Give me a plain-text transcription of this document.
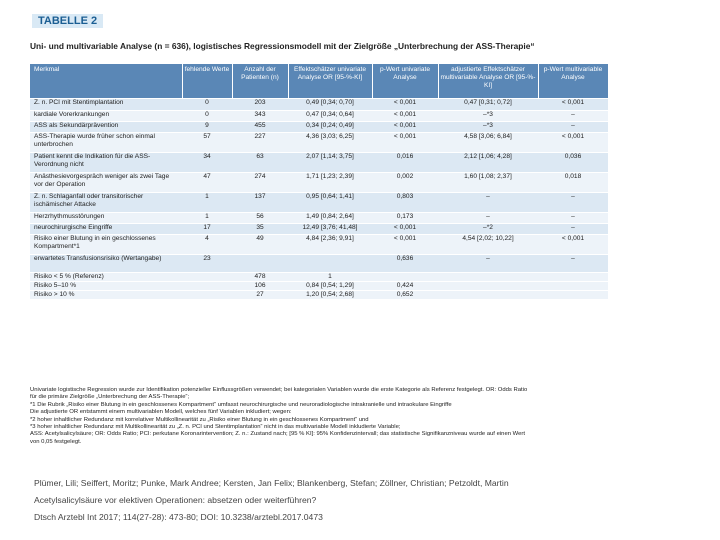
TABELLE 2
Uni- und multivariable Analyse (n = 636), logistisches Regressionsmodell mit der Zielgröße „Unterbrechung der ASS-Therapie“
Merkmal	fehlende Werte	Anzahl der Patienten (n)	Effektschätzer univariate Analyse OR [95-%-KI]	p-Wert univariate Analyse	adjustierte Effektschätzer multivariable Analyse OR [95-%-KI]	p-Wert multivariable Analyse
Z. n. PCI mit Stentimplantation	0	203	0,49 [0,34; 0,70]	< 0,001	0,47 [0,31; 0,72]	< 0,001
kardiale Vorerkrankungen	0	343	0,47 [0,34; 0,64]	< 0,001	–*3	–
ASS als Sekundärprävention	9	455	0,34 [0,24; 0,49]	< 0,001	–*3	–
ASS-Therapie wurde früher schon einmal unterbrochen	57	227	4,36 [3,03; 6,25]	< 0,001	4,58 [3,06; 6,84]	< 0,001
Patient kennt die Indikation für die ASS-Verordnung nicht	34	63	2,07 [1,14; 3,75]	0,016	2,12 [1,06; 4,28]	0,036
Anästhesievorgespräch weniger als zwei Tage vor der Operation	47	274	1,71 [1,23; 2,39]	0,002	1,60 [1,08; 2,37]	0,018
Z. n. Schlaganfall oder transitorischer ischämischer Attacke	1	137	0,95 [0,64; 1,41]	0,803	–	–
Herzrhythmusstörungen	1	56	1,49 [0,84; 2,64]	0,173	–	–
neurochirurgische Eingriffe	17	35	12,49 [3,76; 41,48]	< 0,001	–*2	–
Risiko einer Blutung in ein geschlossenes Kompartment*1	4	49	4,84 [2,36; 9,91]	< 0,001	4,54 [2,02; 10,22]	< 0,001
erwartetes Transfusionsrisiko (Wertangabe)	23			0,636	–	–
Risiko < 5 % (Referenz)		478	1			
Risiko 5–10 %		106	0,84 [0,54; 1,29]	0,424		
Risiko > 10 %		27	1,20 [0,54; 2,68]	0,652		
Univariate logistische Regression wurde zur Identifikation potenzieller Einflussgrößen verwendet; bei kategorialen Variablen wurde die erste Kategorie als Referenz festgelegt. OR: Odds Ratio
für die primäre Zielgröße „Unterbrechung der ASS-Therapie“;
*1 Die Rubrik „Risiko einer Blutung in ein geschlossenes Kompartment“ umfasst neurochirurgische und neuroradiologische intrakranielle und intraokulare Eingriffe
Die adjustierte OR entstammt einem multivariablen Modell, welches fünf Variablen inkludiert; wegen:
*2 hoher inhaltlicher Redundanz mit korrelativer Multikollinearität zu „Risiko einer Blutung in ein geschlossenes Kompartment“ und
*3 hoher inhaltlicher Redundanz mit Multikollinearität zu „Z. n. PCI und Stentimplantation“ nicht in das multivariable Modell inkludierte Variable;
ASS: Acetylsalicylsäure; OR: Odds Ratio; PCI: perkutane Koronarintervention; Z. n.: Zustand nach; [95 % KI]: 95% Konfidenzintervall; das statistische Signifikanzniveau wurde auf einen Wert
von 0,05 festgelegt.
Plümer, Lili; Seiffert, Moritz; Punke, Mark Andree; Kersten, Jan Felix; Blankenberg, Stefan; Zöllner, Christian; Petzoldt, Martin
Acetylsalicylsäure vor elektiven Operationen: absetzen oder weiterführen?
Dtsch Arztebl Int 2017; 114(27-28): 473-80; DOI: 10.3238/arztebl.2017.0473
